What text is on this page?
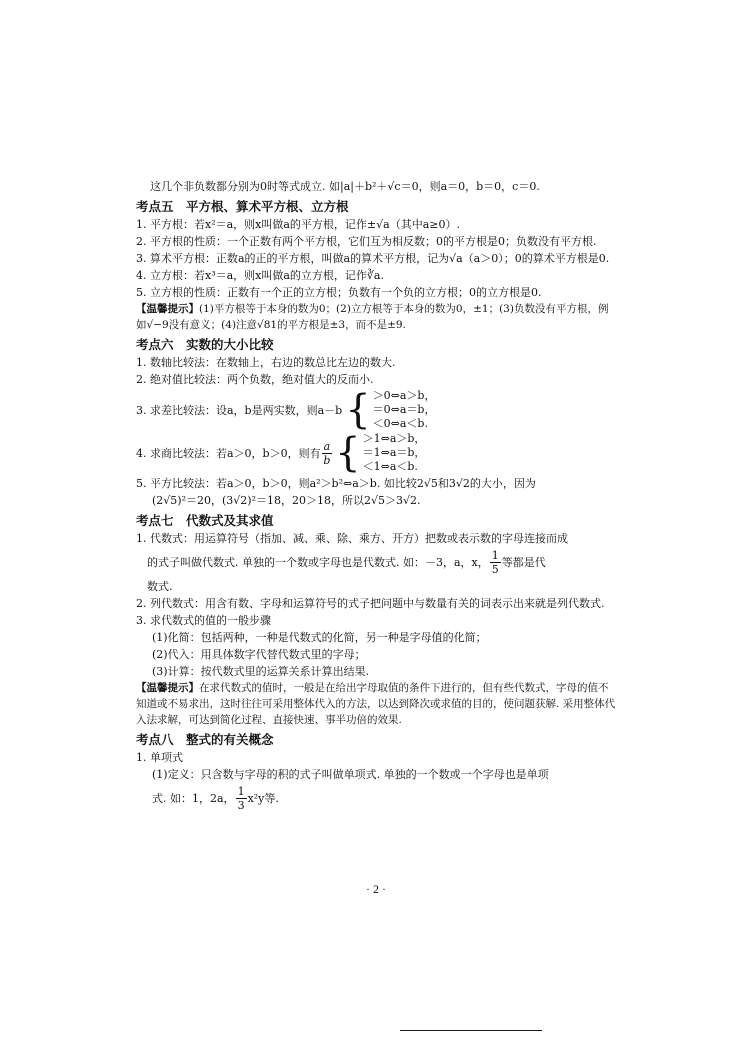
这几个非负数都分别为0时等式成立. 如|a|＋b²＋√c＝0，则a＝0，b＝0，c＝0.
考点五　平方根、算术平方根、立方根
1. 平方根：若x²＝a，则x叫做a的平方根，记作±√a（其中a≥0）.
2. 平方根的性质：一个正数有两个平方根，它们互为相反数；0的平方根是0；负数没有平方根.
3. 算术平方根：正数a的正的平方根，叫做a的算术平方根，记为√a（a＞0）；0的算术平方根是0.
4. 立方根：若x³＝a，则x叫做a的立方根，记作∛a.
5. 立方根的性质：正数有一个正的立方根；负数有一个负的立方根；0的立方根是0.
【温馨提示】(1)平方根等于本身的数为0；(2)立方根等于本身的数为0，±1；(3)负数没有平方根，例如√−9没有意义；(4)注意√81的平方根是±3，而不是±9.
考点六　实数的大小比较
1. 数轴比较法：在数轴上，右边的数总比左边的数大.
2. 绝对值比较法：两个负数，绝对值大的反而小.
3. 求差比较法：设a，b是两实数，则a－b { ＞0⇔a＞b，
＝0⇔a＝b，
＜0⇔a＜b.
4. 求商比较法：若a＞0，b＞0，则有 $\frac{a}{b}$ { ＞1⇔a＞b，
＝1⇔a＝b，
＜1⇔a＜b.
5. 平方比较法：若a＞0，b＞0，则a²＞b²⇔a＞b. 如比较2√5和3√2的大小，因为
(2√5)²＝20，(3√2)²＝18，20＞18，所以2√5＞3√2.
考点七　代数式及其求值
1. 代数式：用运算符号（指加、减、乘、除、乘方、开方）把数或表示数的字母连接而成
的式子叫做代数式. 单独的一个数或字母也是代数式. 如：－3，a，x， $\frac{1}{5}$ 等都是代
数式.
2. 列代数式：用含有数、字母和运算符号的式子把问题中与数量有关的词表示出来就是列代数式.
3. 求代数式的值的一般步骤
(1)化简：包括两种，一种是代数式的化简，另一种是字母值的化简；
(2)代入：用具体数字代替代数式里的字母；
(3)计算：按代数式里的运算关系计算出结果.
【温馨提示】在求代数式的值时，一般是在给出字母取值的条件下进行的，但有些代数式，字母的值不知道或不易求出，这时往往可采用整体代入的方法，以达到降次或求值的目的，使问题获解. 采用整体代入法求解，可达到简化过程、直接快速、事半功倍的效果.
考点八　整式的有关概念
1. 单项式
(1)定义：只含数与字母的积的式子叫做单项式. 单独的一个数或一个字母也是单项
式. 如：1，2a， $\frac{1}{3} x^2y$等.
· 2 ·
